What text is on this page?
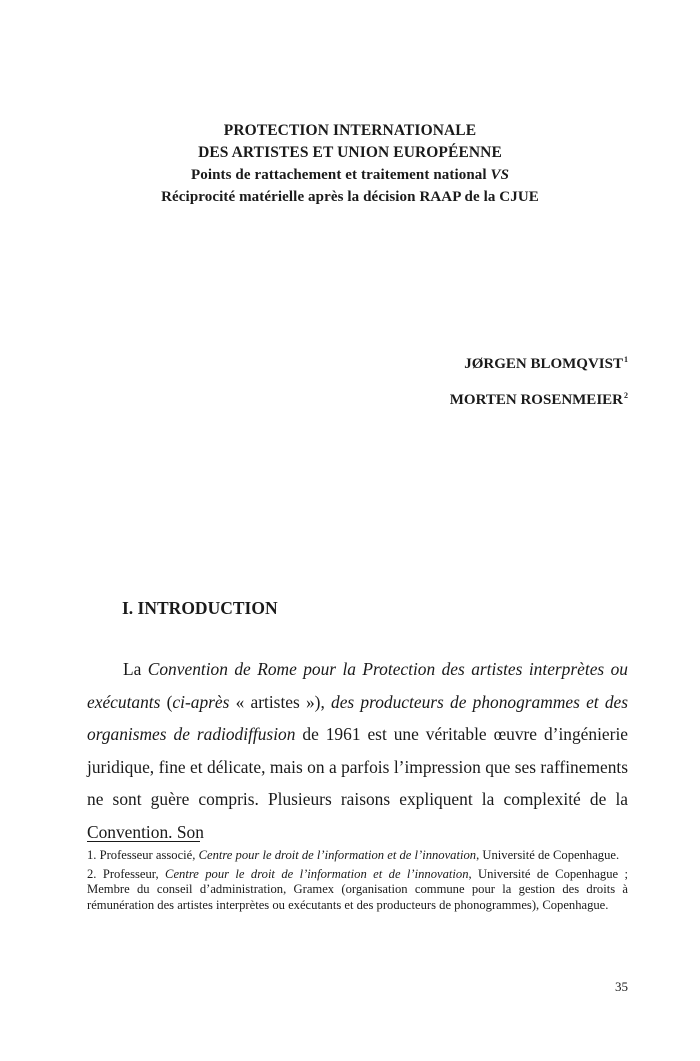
PROTECTION INTERNATIONALE
DES ARTISTES ET UNION EUROPÉENNE
Points de rattachement et traitement national VS
Réciprocité matérielle après la décision RAAP de la CJUE
JØRGEN BLOMQVIST$^1$
MORTEN ROSENMEIER$^2$
I. INTRODUCTION

La Convention de Rome pour la Protection des artistes interprètes ou exécutants (ci-après « artistes »), des producteurs de phonogrammes et des organismes de radiodiffusion de 1961 est une véritable œuvre d’ingénierie juridique, fine et délicate, mais on a parfois l’impression que ses raffinements ne sont guère compris. Plusieurs raisons expliquent la complexité de la Convention. Son

1. Professeur associé, Centre pour le droit de l’information et de l’innovation, Université de Copenhague.
2. Professeur, Centre pour le droit de l’information et de l’innovation, Université de Copenhague ; Membre du conseil d’administration, Gramex (organisation commune pour la gestion des droits à rémunération des artistes interprètes ou exécutants et des producteurs de phonogrammes), Copenhague.
35
